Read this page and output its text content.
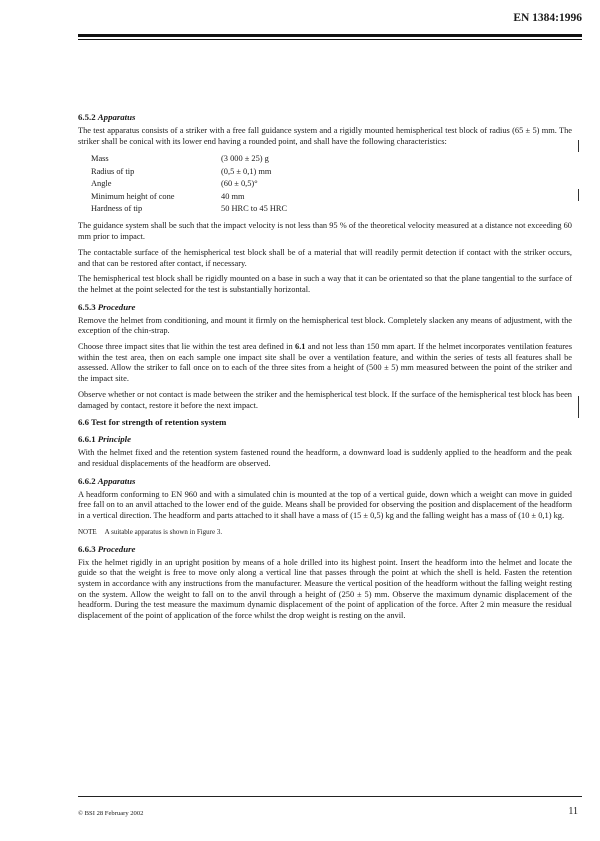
EN 1384:1996
6.5.2 Apparatus

The test apparatus consists of a striker with a free fall guidance system and a rigidly mounted hemispherical test block of radius (65 ± 5) mm. The striker shall be conical with its lower end having a rounded point, and shall have the following characteristics:

Mass	(3 000 ± 25) g
Radius of tip	(0,5 ± 0,1) mm
Angle	(60 ± 0,5)°
Minimum height of cone	40 mm
Hardness of tip	50 HRC to 45 HRC

The guidance system shall be such that the impact velocity is not less than 95 % of the theoretical velocity measured at a distance not exceeding 60 mm prior to impact.

The contactable surface of the hemispherical test block shall be of a material that will readily permit detection if contact with the striker occurs, and that can be restored after contact, if necessary.

The hemispherical test block shall be rigidly mounted on a base in such a way that it can be orientated so that the plane tangential to the surface of the helmet at the point selected for the test is substantially horizontal.

6.5.3 Procedure

Remove the helmet from conditioning, and mount it firmly on the hemispherical test block. Completely slacken any means of adjustment, with the exception of the chin-strap.

Choose three impact sites that lie within the test area defined in 6.1 and not less than 150 mm apart. If the helmet incorporates ventilation features within the test area, then on each sample one impact site shall be over a ventilation feature, and within the series of tests all features shall be assessed. Allow the striker to fall once on to each of the three sites from a height of (500 ± 5) mm measured between the point of the striker and the impact site.

Observe whether or not contact is made between the striker and the hemispherical test block. If the surface of the hemispherical test block has been damaged by contact, restore it before the next impact.

6.6 Test for strength of retention system
6.6.1 Principle

With the helmet fixed and the retention system fastened round the headform, a downward load is suddenly applied to the headform and the peak and residual displacements of the headform are observed.

6.6.2 Apparatus

A headform conforming to EN 960 and with a simulated chin is mounted at the top of a vertical guide, down which a weight can move in guided free fall on to an anvil attached to the lower end of the guide. Means shall be provided for observing the position and displacement of the headform in a vertical direction. The headform and parts attached to it shall have a mass of (15 ± 0,5) kg and the falling weight has a mass of (10 ± 0,1) kg.

NOTE A suitable apparatus is shown in Figure 3.
6.6.3 Procedure

Fix the helmet rigidly in an upright position by means of a hole drilled into its highest point. Insert the headform into the helmet and locate the guide so that the weight is free to move only along a vertical line that passes through the point at which the shell is held. Fasten the retention system in accordance with any instructions from the manufacturer. Measure the vertical position of the headform without the falling weight resting on the system. Allow the weight to fall on to the anvil through a height of (250 ± 5) mm. Observe the maximum dynamic displacement of the headform. During the test measure the maximum dynamic displacement of the point of application of the force. After 2 min measure the residual displacement of the point of application of the force whilst the drop weight is resting on the anvil.

© BSI 28 February 2002	11
